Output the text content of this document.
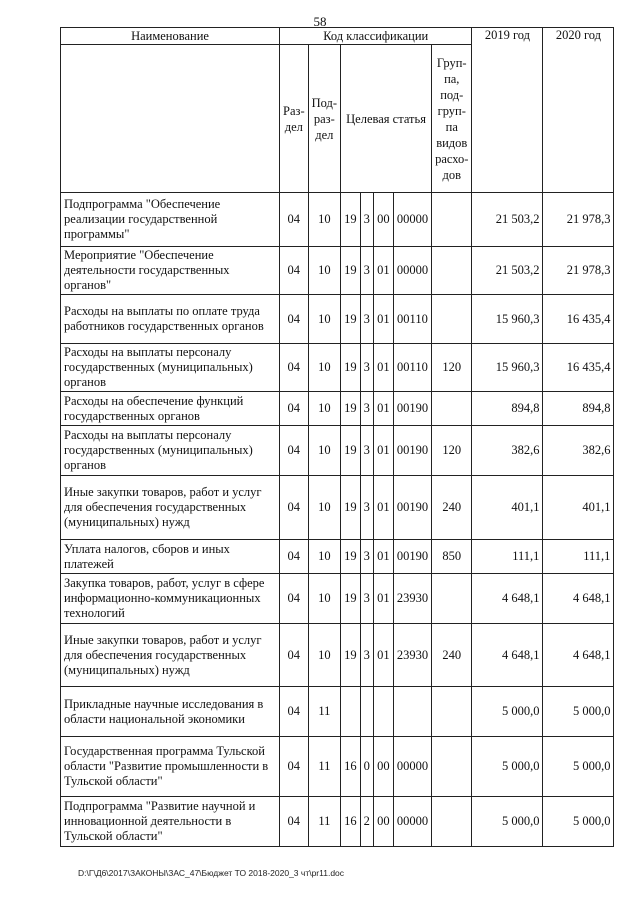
58
Наименование	Код классификации							2019 год	2020 год
	Раз-дел	Под-раз-дел	Целевая статья				Груп-па, под-груп-па видов расхо-дов		
Подпрограмма "Обеспечение реализации государственной программы"	04	10	19	3	00	00000		21 503,2	21 978,3
Мероприятие "Обеспечение деятельности государственных органов"	04	10	19	3	01	00000		21 503,2	21 978,3
Расходы на выплаты по оплате труда работников государственных органов	04	10	19	3	01	00110		15 960,3	16 435,4
Расходы на выплаты персоналу государственных (муниципальных) органов	04	10	19	3	01	00110	120	15 960,3	16 435,4
Расходы на обеспечение функций государственных органов	04	10	19	3	01	00190		894,8	894,8
Расходы на выплаты персоналу государственных (муниципальных) органов	04	10	19	3	01	00190	120	382,6	382,6
Иные закупки товаров, работ и услуг для обеспечения государственных (муниципальных) нужд	04	10	19	3	01	00190	240	401,1	401,1
Уплата налогов, сборов и иных платежей	04	10	19	3	01	00190	850	111,1	111,1
Закупка товаров, работ, услуг в сфере информационно-коммуникационных технологий	04	10	19	3	01	23930		4 648,1	4 648,1
Иные закупки товаров, работ и услуг для обеспечения государственных (муниципальных) нужд	04	10	19	3	01	23930	240	4 648,1	4 648,1
Прикладные научные исследования в области национальной экономики	04	11						5 000,0	5 000,0
Государственная программа Тульской области "Развитие промышленности в Тульской области"	04	11	16	0	00	00000		5 000,0	5 000,0
Подпрограмма "Развитие научной и инновационной деятельности в Тульской области"	04	11	16	2	00	00000		5 000,0	5 000,0
D:\Г\Д6\2017\ЗАКОНЫ\ЗАС_47\Бюджет ТО 2018-2020_3 чт\pr11.doc
